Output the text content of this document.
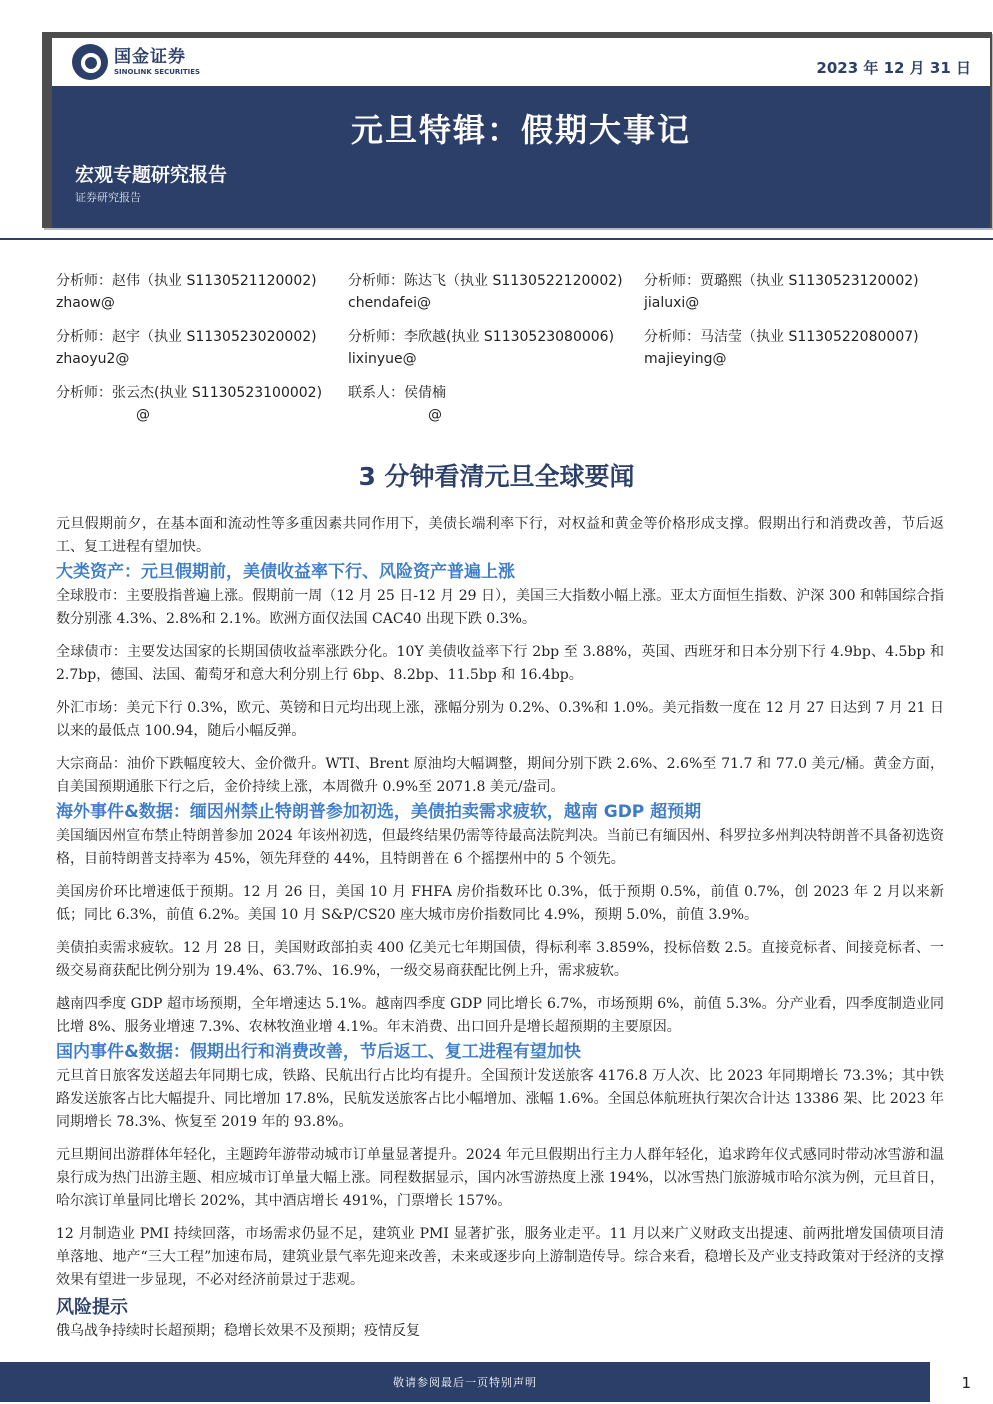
国金证券
SINOLINK SECURITIES	2023 年 12 月 31 日
元旦特辑：假期大事记
宏观专题研究报告
证券研究报告
分析师：赵伟（执业 S1130521120002)
zhaow@
分析师：陈达飞（执业 S1130522120002)
chendafei@
分析师：贾璐熙（执业 S1130523120002)
jialuxi@
分析师：赵宇（执业 S1130523020002)
zhaoyu2@
分析师：李欣越(执业 S1130523080006)
lixinyue@
分析师：马洁莹（执业 S1130522080007)
majieying@
分析师：张云杰(执业 S1130523100002)
@
联系人：侯倩楠
@
3 分钟看清元旦全球要闻

元旦假期前夕，在基本面和流动性等多重因素共同作用下，美债长端利率下行，对权益和黄金等价格形成支撑。假期出行和消费改善，节后返工、复工进程有望加快。

大类资产：元旦假期前，美债收益率下行、风险资产普遍上涨

全球股市：主要股指普遍上涨。假期前一周（12 月 25 日-12 月 29 日），美国三大指数小幅上涨。亚太方面恒生指数、沪深 300 和韩国综合指数分别涨 4.3%、2.8%和 2.1%。欧洲方面仅法国 CAC40 出现下跌 0.3%。

全球债市：主要发达国家的长期国债收益率涨跌分化。10Y 美债收益率下行 2bp 至 3.88%，英国、西班牙和日本分别下行 4.9bp、4.5bp 和 2.7bp，德国、法国、葡萄牙和意大利分别上行 6bp、8.2bp、11.5bp 和 16.4bp。

外汇市场：美元下行 0.3%，欧元、英镑和日元均出现上涨，涨幅分别为 0.2%、0.3%和 1.0%。美元指数一度在 12 月 27 日达到 7 月 21 日以来的最低点 100.94，随后小幅反弹。

大宗商品：油价下跌幅度较大、金价微升。WTI、Brent 原油均大幅调整，期间分别下跌 2.6%、2.6%至 71.7 和 77.0 美元/桶。黄金方面，自美国预期通胀下行之后，金价持续上涨，本周微升 0.9%至 2071.8 美元/盎司。

海外事件&数据：缅因州禁止特朗普参加初选，美债拍卖需求疲软，越南 GDP 超预期

美国缅因州宣布禁止特朗普参加 2024 年该州初选，但最终结果仍需等待最高法院判决。当前已有缅因州、科罗拉多州判决特朗普不具备初选资格，目前特朗普支持率为 45%，领先拜登的 44%，且特朗普在 6 个摇摆州中的 5 个领先。

美国房价环比增速低于预期。12 月 26 日，美国 10 月 FHFA 房价指数环比 0.3%，低于预期 0.5%，前值 0.7%，创 2023 年 2 月以来新低；同比 6.3%，前值 6.2%。美国 10 月 S&P/CS20 座大城市房价指数同比 4.9%，预期 5.0%，前值 3.9%。

美债拍卖需求疲软。12 月 28 日，美国财政部拍卖 400 亿美元七年期国债，得标利率 3.859%，投标倍数 2.5。直接竞标者、间接竞标者、一级交易商获配比例分别为 19.4%、63.7%、16.9%，一级交易商获配比例上升，需求疲软。

越南四季度 GDP 超市场预期，全年增速达 5.1%。越南四季度 GDP 同比增长 6.7%，市场预期 6%，前值 5.3%。分产业看，四季度制造业同比增 8%、服务业增速 7.3%、农林牧渔业增 4.1%。年末消费、出口回升是增长超预期的主要原因。

国内事件&数据：假期出行和消费改善，节后返工、复工进程有望加快

元旦首日旅客发送超去年同期七成，铁路、民航出行占比均有提升。全国预计发送旅客 4176.8 万人次、比 2023 年同期增长 73.3%；其中铁路发送旅客占比大幅提升、同比增加 17.8%，民航发送旅客占比小幅增加、涨幅 1.6%。全国总体航班执行架次合计达 13386 架、比 2023 年同期增长 78.3%、恢复至 2019 年的 93.8%。

元旦期间出游群体年轻化，主题跨年游带动城市订单量显著提升。2024 年元旦假期出行主力人群年轻化，追求跨年仪式感同时带动冰雪游和温泉行成为热门出游主题、相应城市订单量大幅上涨。同程数据显示，国内冰雪游热度上涨 194%，以冰雪热门旅游城市哈尔滨为例，元旦首日，哈尔滨订单量同比增长 202%，其中酒店增长 491%，门票增长 157%。

12 月制造业 PMI 持续回落，市场需求仍显不足，建筑业 PMI 显著扩张，服务业走平。11 月以来广义财政支出提速、前两批增发国债项目清单落地、地产“三大工程”加速布局，建筑业景气率先迎来改善，未来或逐步向上游制造传导。综合来看，稳增长及产业支持政策对于经济的支撑效果有望进一步显现，不必对经济前景过于悲观。

风险提示

俄乌战争持续时长超预期；稳增长效果不及预期；疫情反复

敬请参阅最后一页特别声明	1
